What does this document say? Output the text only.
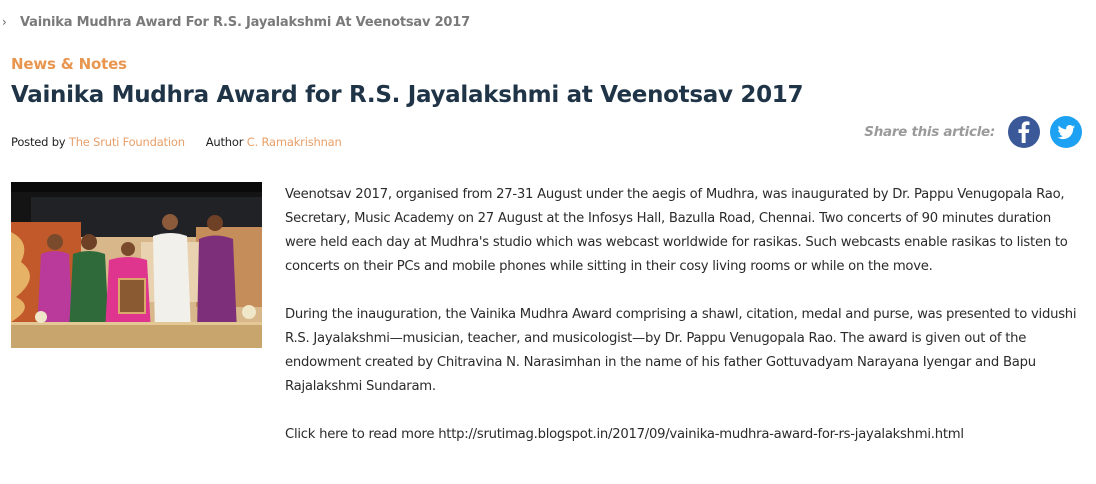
›	Vainika Mudhra Award For R.S. Jayalakshmi At Veenotsav 2017
News & Notes
Vainika Mudhra Award for R.S. Jayalakshmi at Veenotsav 2017
Posted by The Sruti Foundation Author C. Ramakrishnan
Share this article:

Veenotsav 2017, organised from 27-31 August under the aegis of Mudhra, was inaugurated by Dr. Pappu Venugopala Rao, Secretary, Music Academy on 27 August at the Infosys Hall, Bazulla Road, Chennai. Two concerts of 90 minutes duration were held each day at Mudhra's studio which was webcast worldwide for rasikas. Such webcasts enable rasikas to listen to concerts on their PCs and mobile phones while sitting in their cosy living rooms or while on the move.

During the inauguration, the Vainika Mudhra Award comprising a shawl, citation, medal and purse, was presented to vidushi R.S. Jayalakshmi—musician, teacher, and musicologist—by Dr. Pappu Venugopala Rao. The award is given out of the endowment created by Chitravina N. Narasimhan in the name of his father Gottuvadyam Narayana Iyengar and Bapu Rajalakshmi Sundaram.

Click here to read more http://srutimag.blogspot.in/2017/09/vainika-mudhra-award-for-rs-jayalakshmi.html
